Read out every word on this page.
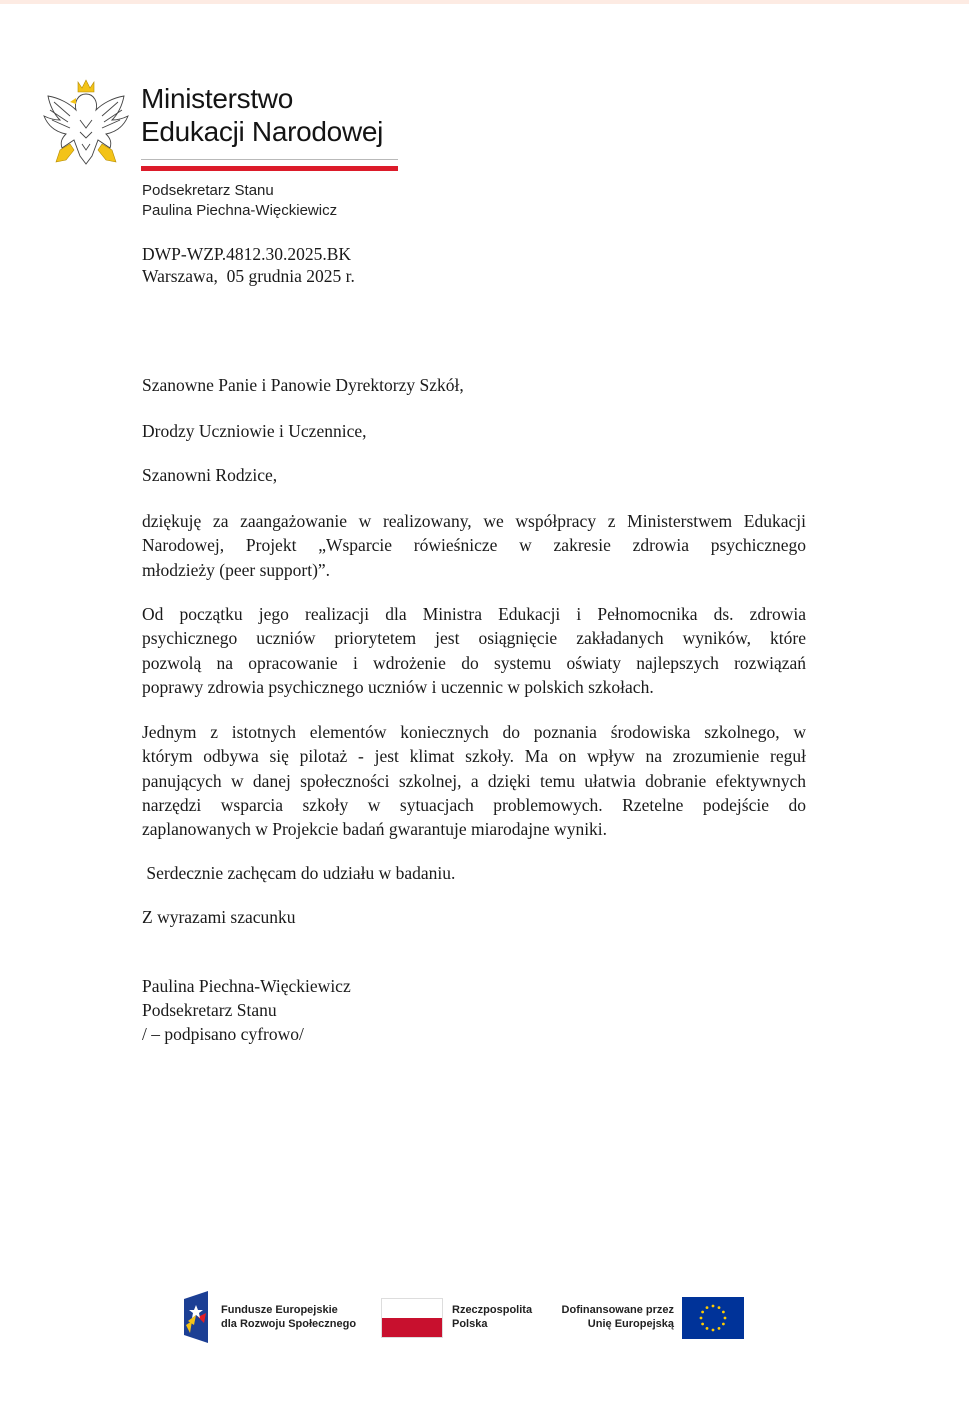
Ministerstwo
Edukacji Narodowej
Podsekretarz Stanu
Paulina Piechna-Więckiewicz
DWP-WZP.4812.30.2025.BK
Warszawa,  05 grudnia 2025 r.
Szanowne Panie i Panowie Dyrektorzy Szkół,
Drodzy Uczniowie i Uczennice,
Szanowni Rodzice,
dziękuję za zaangażowanie w realizowany, we współpracy z Ministerstwem Edukacji
Narodowej, Projekt „Wsparcie rówieśnicze w zakresie zdrowia psychicznego
młodzieży (peer support)”.
Od początku jego realizacji dla Ministra Edukacji i Pełnomocnika ds. zdrowia
psychicznego uczniów priorytetem jest osiągnięcie zakładanych wyników, które
pozwolą na opracowanie i wdrożenie do systemu oświaty najlepszych rozwiązań
poprawy zdrowia psychicznego uczniów i uczennic w polskich szkołach.
Jednym z istotnych elementów koniecznych do poznania środowiska szkolnego, w
którym odbywa się pilotaż - jest klimat szkoły. Ma on wpływ na zrozumienie reguł
panujących w danej społeczności szkolnej, a dzięki temu ułatwia dobranie efektywnych
narzędzi wsparcia szkoły w sytuacjach problemowych. Rzetelne podejście do
zaplanowanych w Projekcie badań gwarantuje miarodajne wyniki.
Serdecznie zachęcam do udziału w badaniu.
Z wyrazami szacunku
Paulina Piechna-Więckiewicz
Podsekretarz Stanu
/ – podpisano cyfrowo/
Fundusze Europejskie
dla Rozwoju Społecznego
Rzeczpospolita
Polska
Dofinansowane przez
Unię Europejską
